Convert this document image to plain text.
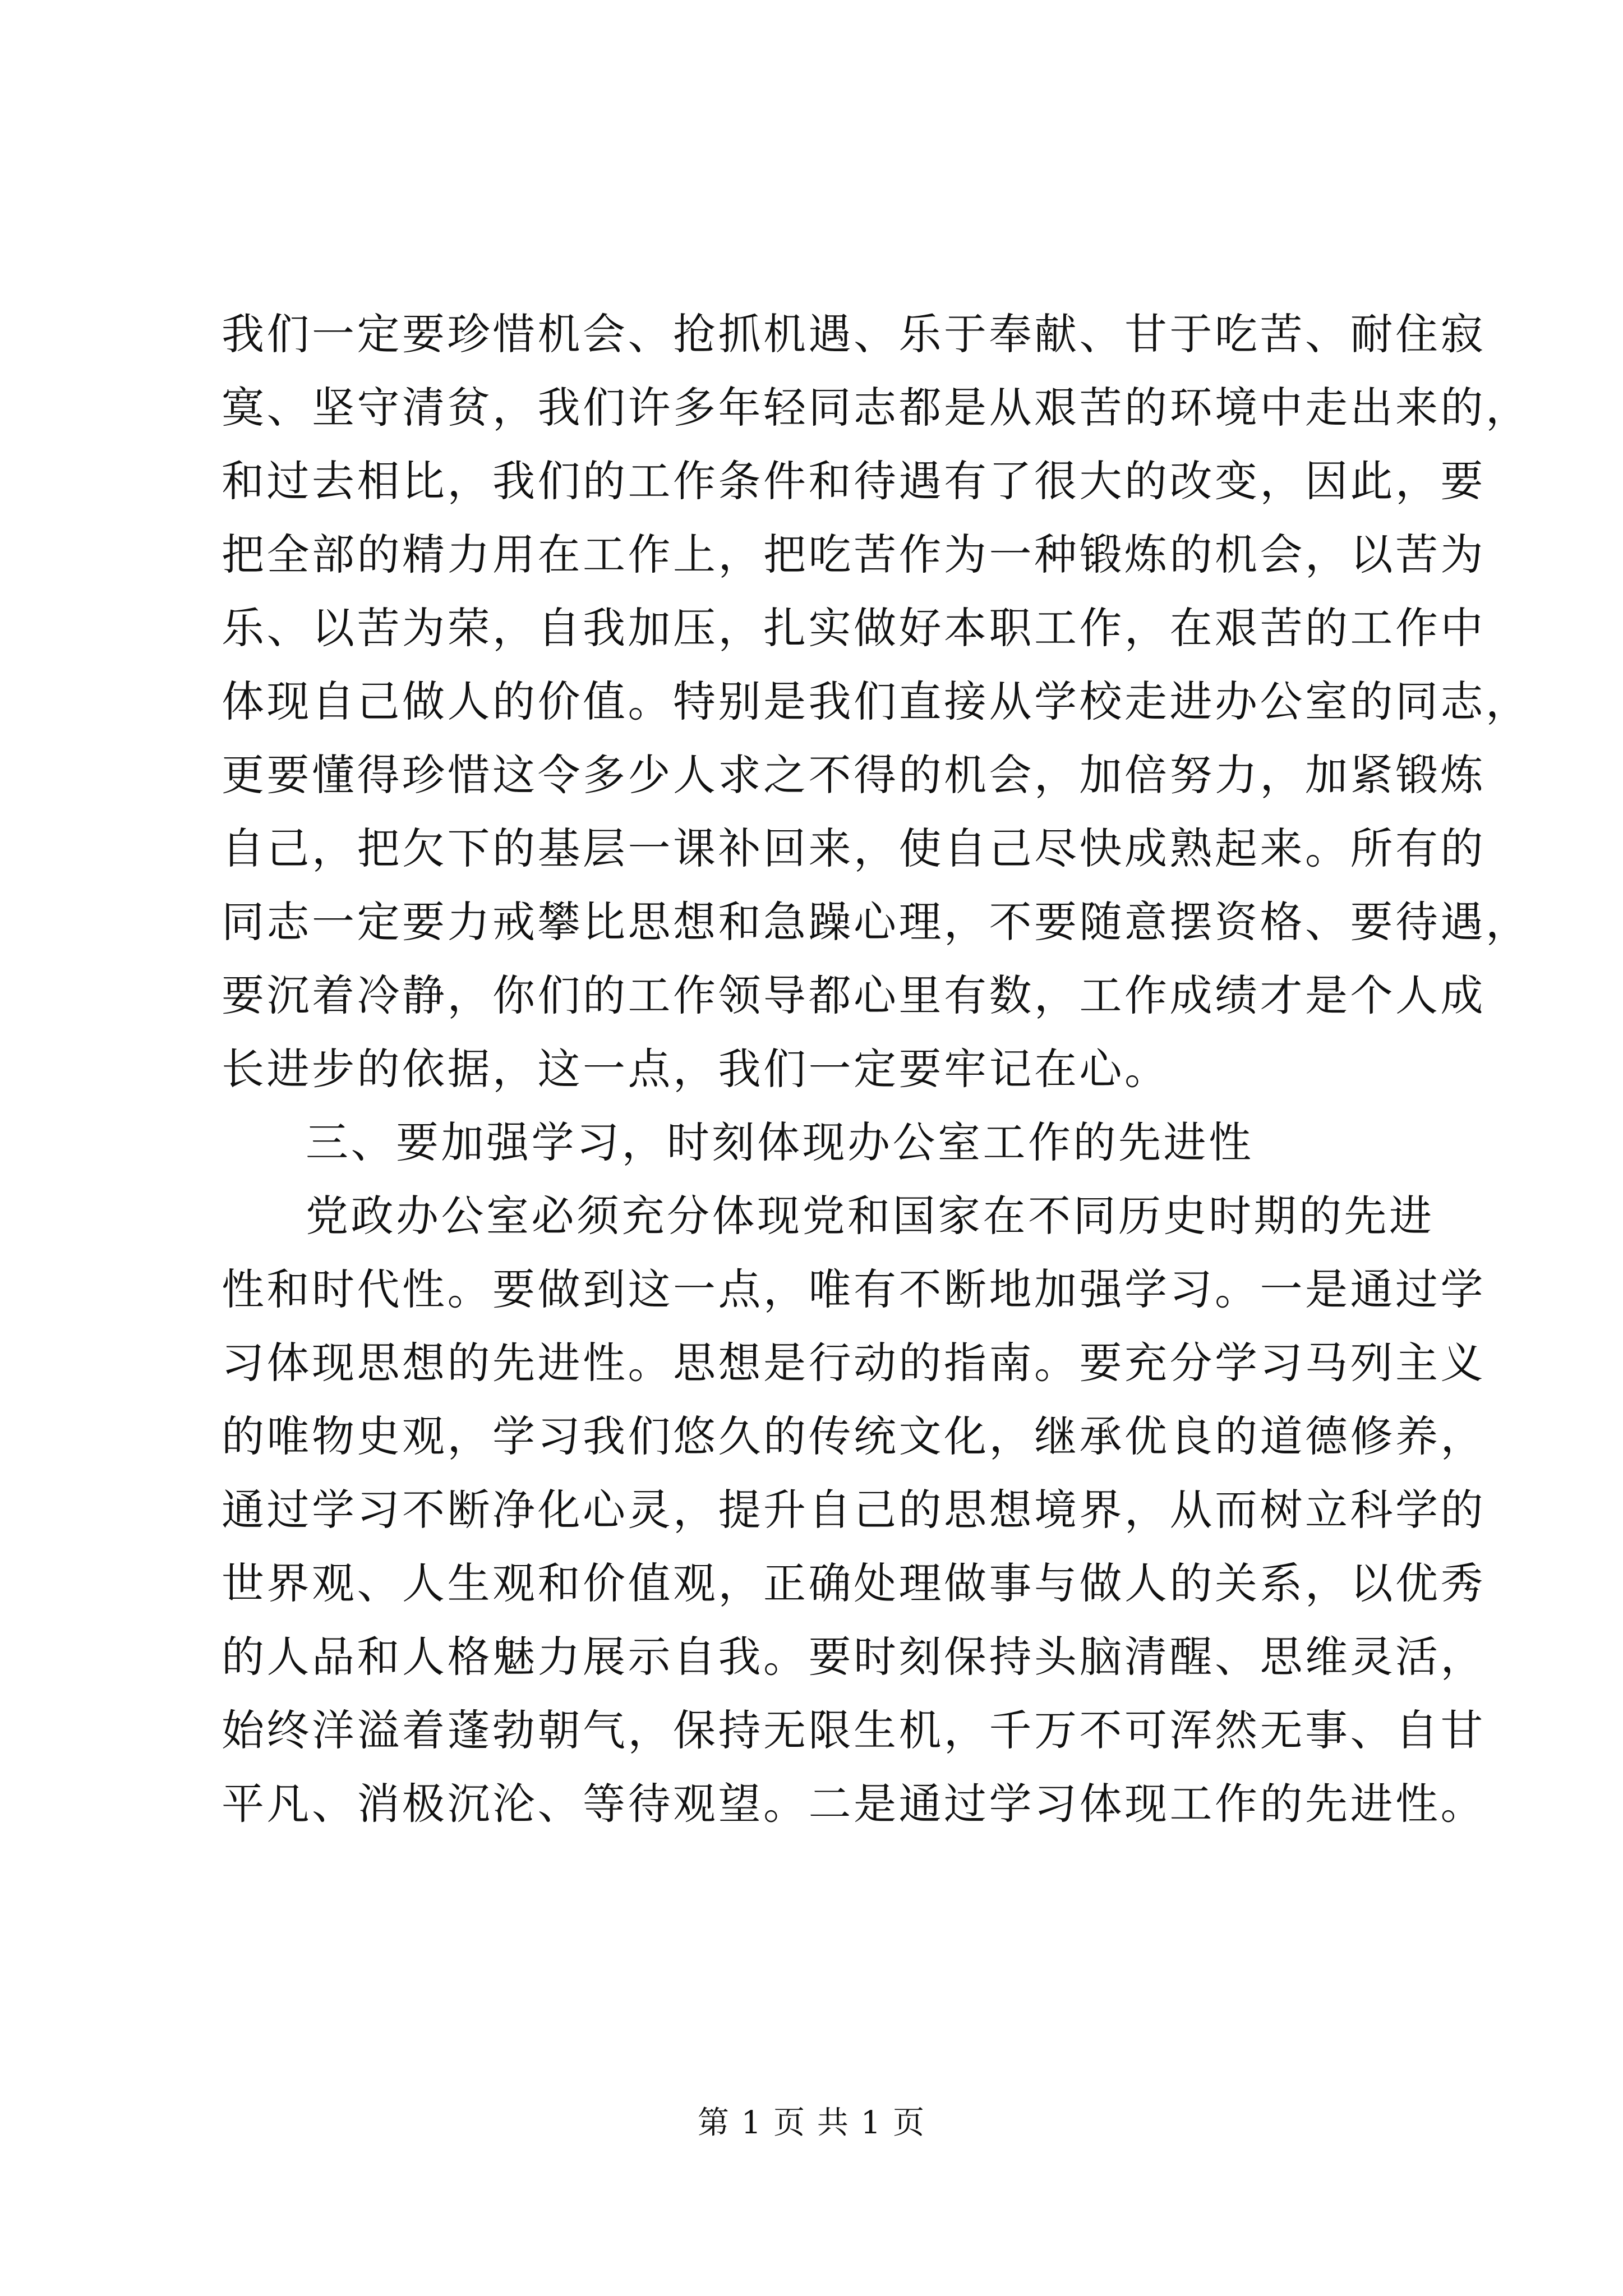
我们一定要珍惜机会、抢抓机遇、乐于奉献、甘于吃苦、耐住寂
寞、坚守清贫，我们许多年轻同志都是从艰苦的环境中走出来的，
和过去相比，我们的工作条件和待遇有了很大的改变，因此，要
把全部的精力用在工作上，把吃苦作为一种锻炼的机会，以苦为
乐、以苦为荣，自我加压，扎实做好本职工作，在艰苦的工作中
体现自己做人的价值。特别是我们直接从学校走进办公室的同志，
更要懂得珍惜这令多少人求之不得的机会，加倍努力，加紧锻炼
自己，把欠下的基层一课补回来，使自己尽快成熟起来。所有的
同志一定要力戒攀比思想和急躁心理，不要随意摆资格、要待遇，
要沉着冷静，你们的工作领导都心里有数，工作成绩才是个人成
长进步的依据，这一点，我们一定要牢记在心。
三、要加强学习，时刻体现办公室工作的先进性
党政办公室必须充分体现党和国家在不同历史时期的先进
性和时代性。要做到这一点，唯有不断地加强学习。一是通过学
习体现思想的先进性。思想是行动的指南。要充分学习马列主义
的唯物史观，学习我们悠久的传统文化，继承优良的道德修养，
通过学习不断净化心灵，提升自己的思想境界，从而树立科学的
世界观、人生观和价值观，正确处理做事与做人的关系，以优秀
的人品和人格魅力展示自我。要时刻保持头脑清醒、思维灵活，
始终洋溢着蓬勃朝气，保持无限生机，千万不可浑然无事、自甘
平凡、消极沉沦、等待观望。二是通过学习体现工作的先进性。
第 1 页 共 1 页
